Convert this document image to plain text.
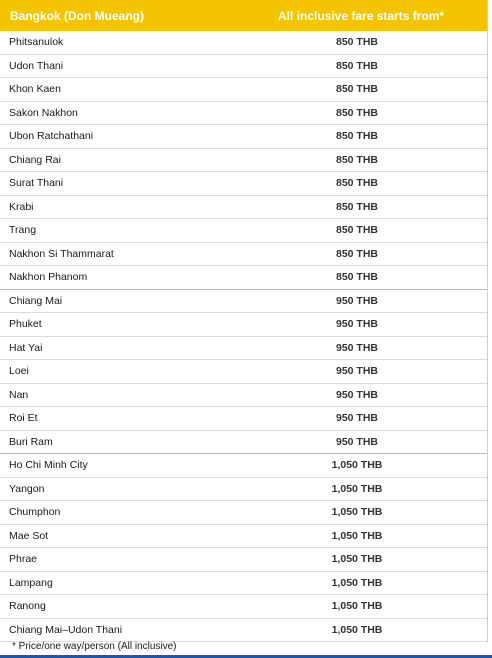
Bangkok (Don Mueang)	All inclusive fare starts from*
Phitsanulok	850 THB
Udon Thani	850 THB
Khon Kaen	850 THB
Sakon Nakhon	850 THB
Ubon Ratchathani	850 THB
Chiang Rai	850 THB
Surat Thani	850 THB
Krabi	850 THB
Trang	850 THB
Nakhon Si Thammarat	850 THB
Nakhon Phanom	850 THB
Chiang Mai	950 THB
Phuket	950 THB
Hat Yai	950 THB
Loei	950 THB
Nan	950 THB
Roi Et	950 THB
Buri Ram	950 THB
Ho Chi Minh City	1,050 THB
Yangon	1,050 THB
Chumphon	1,050 THB
Mae Sot	1,050 THB
Phrae	1,050 THB
Lampang	1,050 THB
Ranong	1,050 THB
Chiang Mai–Udon Thani	1,050 THB
* Price/one way/person (All inclusive)
